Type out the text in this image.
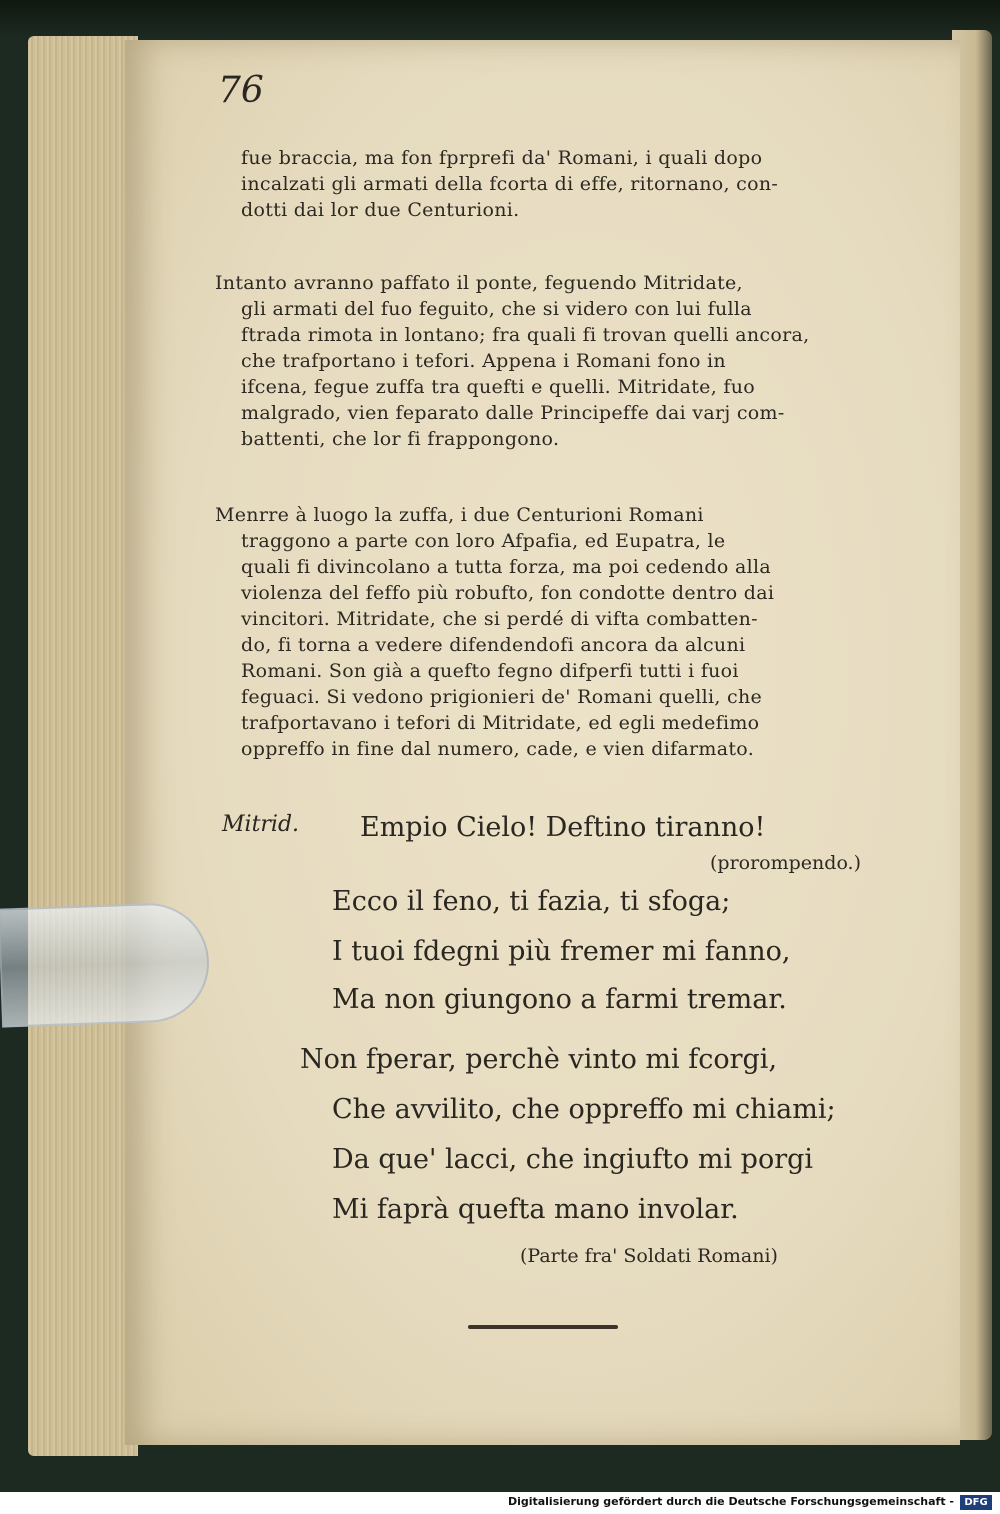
76
fue braccia, ma fon fprprefi da' Romani, i quali dopo
incalzati gli armati della fcorta di effe, ritornano, con-
dotti dai lor due Centurioni.
Intanto avranno paffato il ponte, feguendo Mitridate,
gli armati del fuo feguito, che si videro con lui fulla
ftrada rimota in lontano; fra quali fi trovan quelli ancora,
che trafportano i tefori. Appena i Romani fono in
ifcena, fegue zuffa tra quefti e quelli. Mitridate, fuo
malgrado, vien feparato dalle Principeffe dai varj com-
battenti, che lor fi frappongono.
Menrre à luogo la zuffa, i due Centurioni Romani
traggono a parte con loro Afpafia, ed Eupatra, le
quali fi divincolano a tutta forza, ma poi cedendo alla
violenza del feffo più robufto, fon condotte dentro dai
vincitori. Mitridate, che si perdé di vifta combatten-
do, fi torna a vedere difendendofi ancora da alcuni
Romani. Son già a quefto fegno difperfi tutti i fuoi
feguaci. Si vedono prigionieri de' Romani quelli, che
trafportavano i tefori di Mitridate, ed egli medefimo
oppreffo in fine dal numero, cade, e vien difarmato.
Mitrid. Empio Cielo! Deftino tiranno!
(prorompendo.)
Ecco il feno, ti fazia, ti sfoga;
I tuoi fdegni più fremer mi fanno,
Ma non giungono a farmi tremar.
Non fperar, perchè vinto mi fcorgi,
Che avvilito, che oppreffo mi chiami;
Da que' lacci, che ingiufto mi porgi
Mi faprà quefta mano involar.
(Parte fra' Soldati Romani)
Digitalisierung gefördert durch die Deutsche Forschungsgemeinschaft -	DFG
